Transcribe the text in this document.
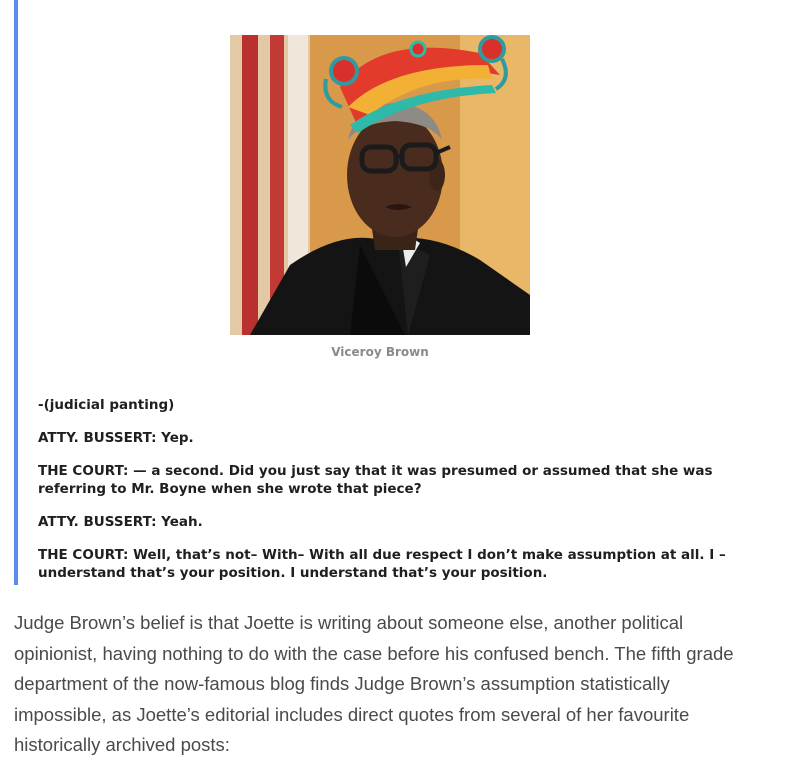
Viceroy Brown

-(judicial panting)

ATTY. BUSSERT: Yep.

THE COURT: — a second. Did you just say that it was presumed or assumed that she was referring to Mr. Boyne when she wrote that piece?

ATTY. BUSSERT: Yeah.

THE COURT: Well, that’s not– With– With all due respect I don’t make assumption at all. I – understand that’s your position. I understand that’s your position.

Judge Brown’s belief is that Joette is writing about someone else, another political opinionist, having nothing to do with the case before his confused bench. The fifth grade department of the now-famous blog finds Judge Brown’s assumption statistically impossible, as Joette’s editorial includes direct quotes from several of her favourite historically archived posts:
